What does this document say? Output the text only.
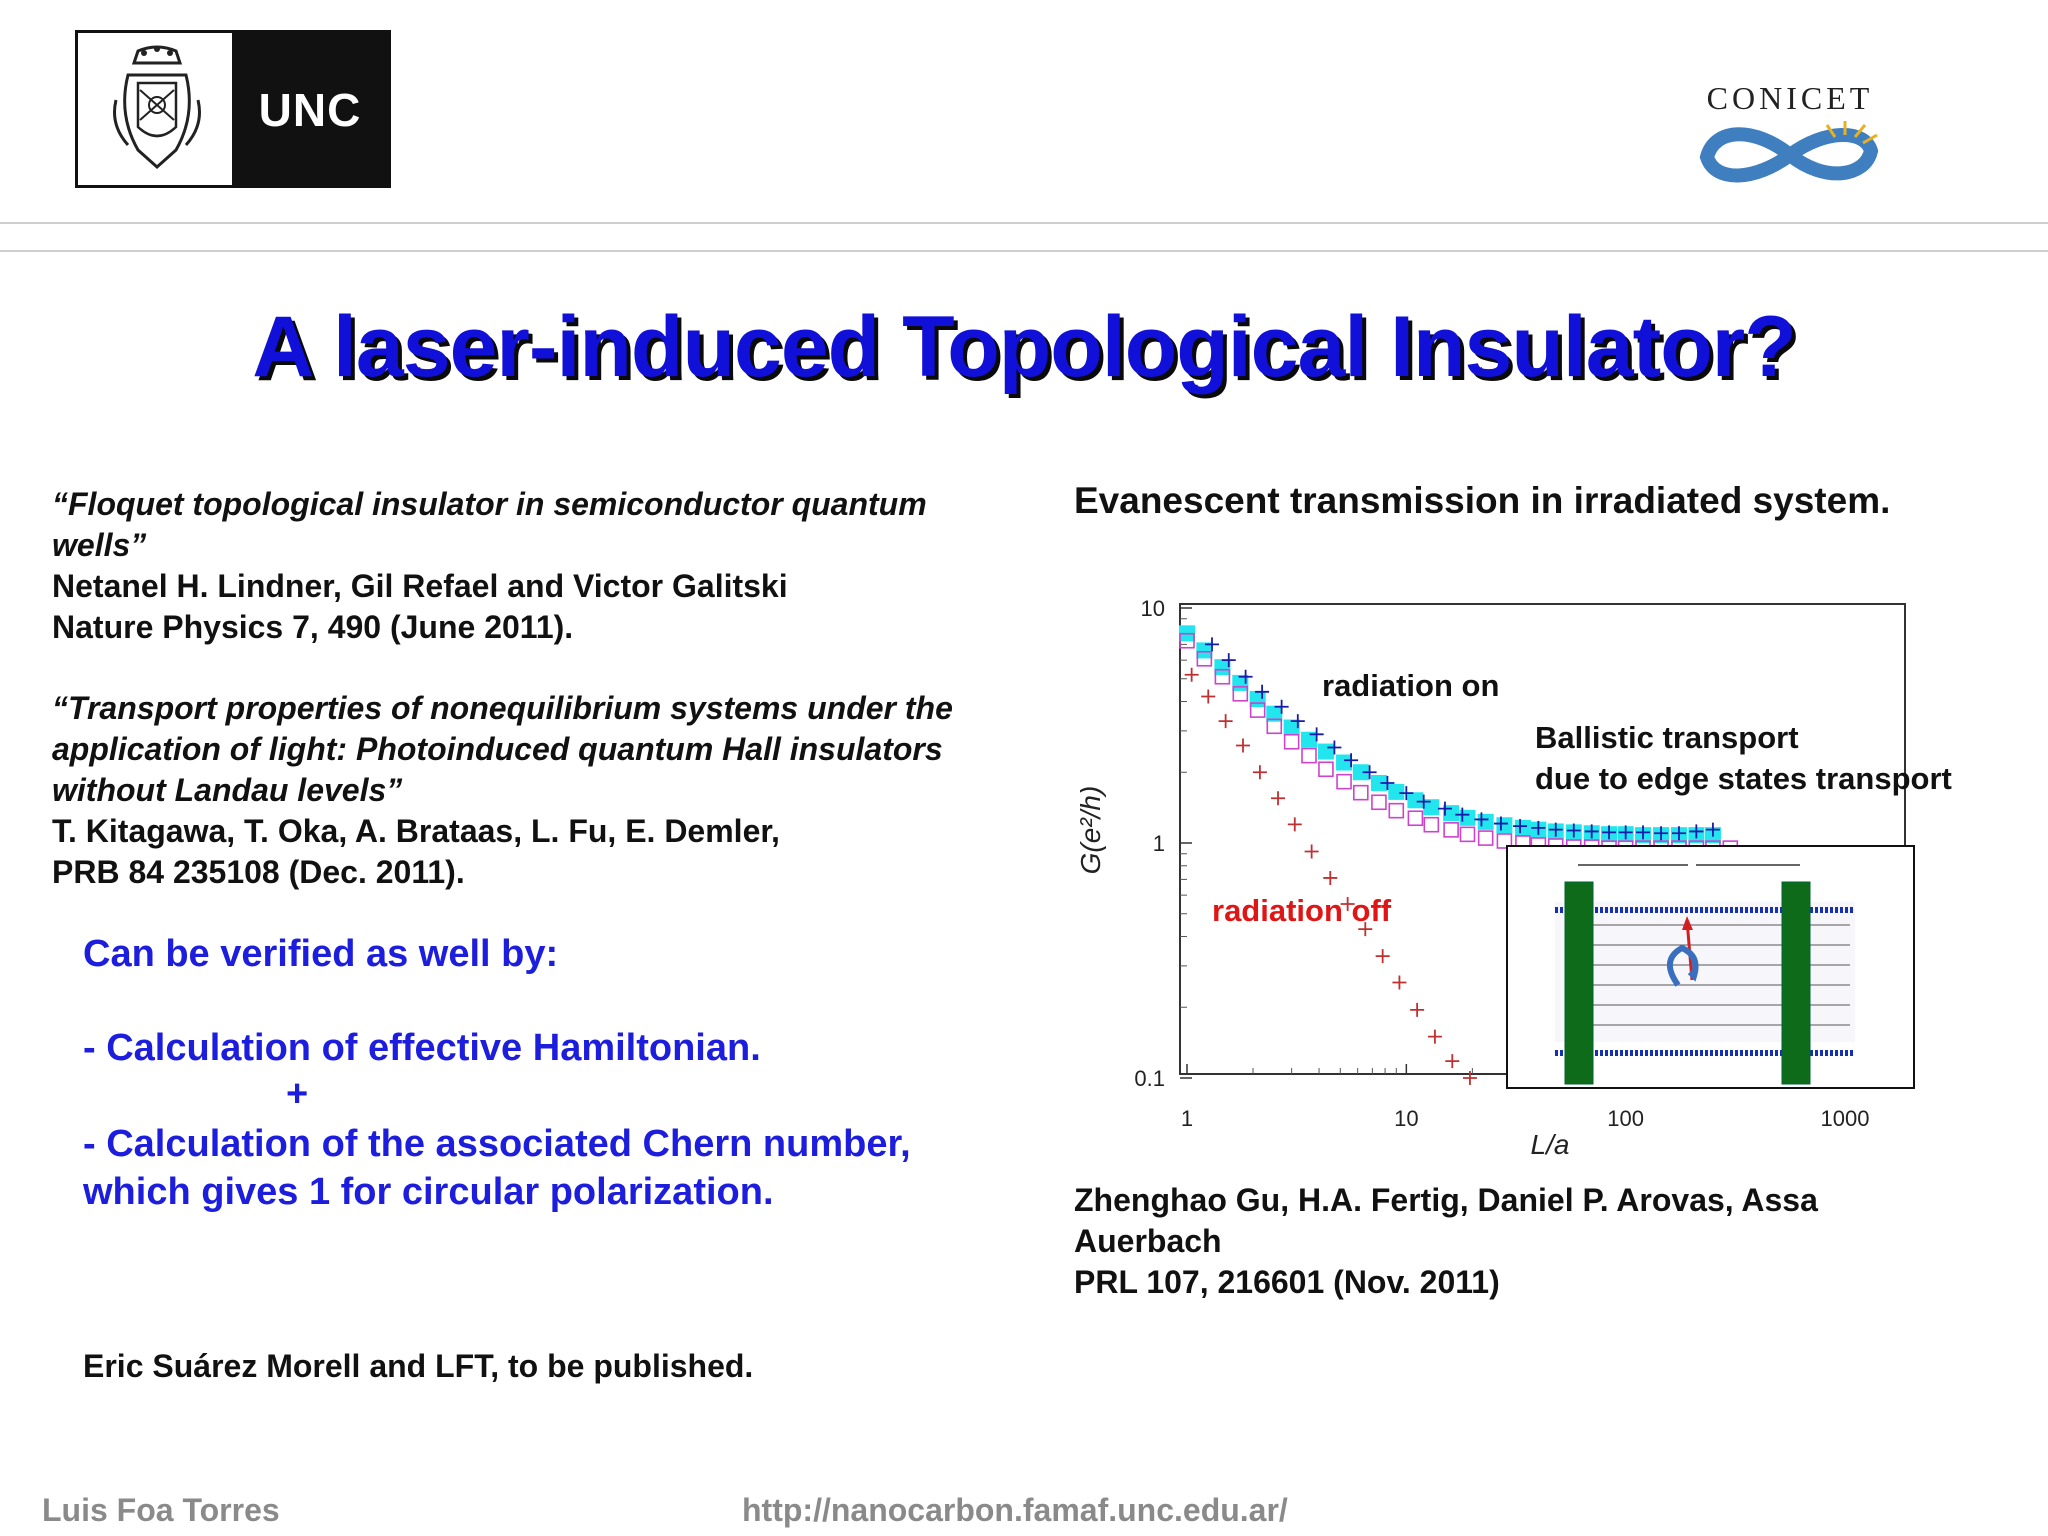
UNC	CONICET
A laser-induced Topological Insulator?
“Floquet topological insulator in semiconductor quantum
wells”
Netanel H. Lindner, Gil Refael and Victor Galitski
Nature Physics 7, 490 (June 2011).
“Transport properties of nonequilibrium systems under the
application of light: Photoinduced quantum Hall insulators
without Landau levels”
T. Kitagawa, T. Oka, A. Brataas, L. Fu, E. Demler,
PRB 84 235108 (Dec. 2011).
Can be verified as well by:
- Calculation of effective Hamiltonian.
+
- Calculation of the associated Chern number,
which gives 1 for circular polarization.
Eric Suárez Morell and LFT, to be published.
Evanescent transmission in irradiated system.
1	10	100	1000
10
1
0.1
L/a
G(e²/h)
radiation on
Ballistic transport
due to edge states transport
radiation off
Zhenghao Gu, H.A. Fertig, Daniel P. Arovas, Assa
Auerbach
PRL 107, 216601 (Nov. 2011)
Luis Foa Torres	http://nanocarbon.famaf.unc.edu.ar/
